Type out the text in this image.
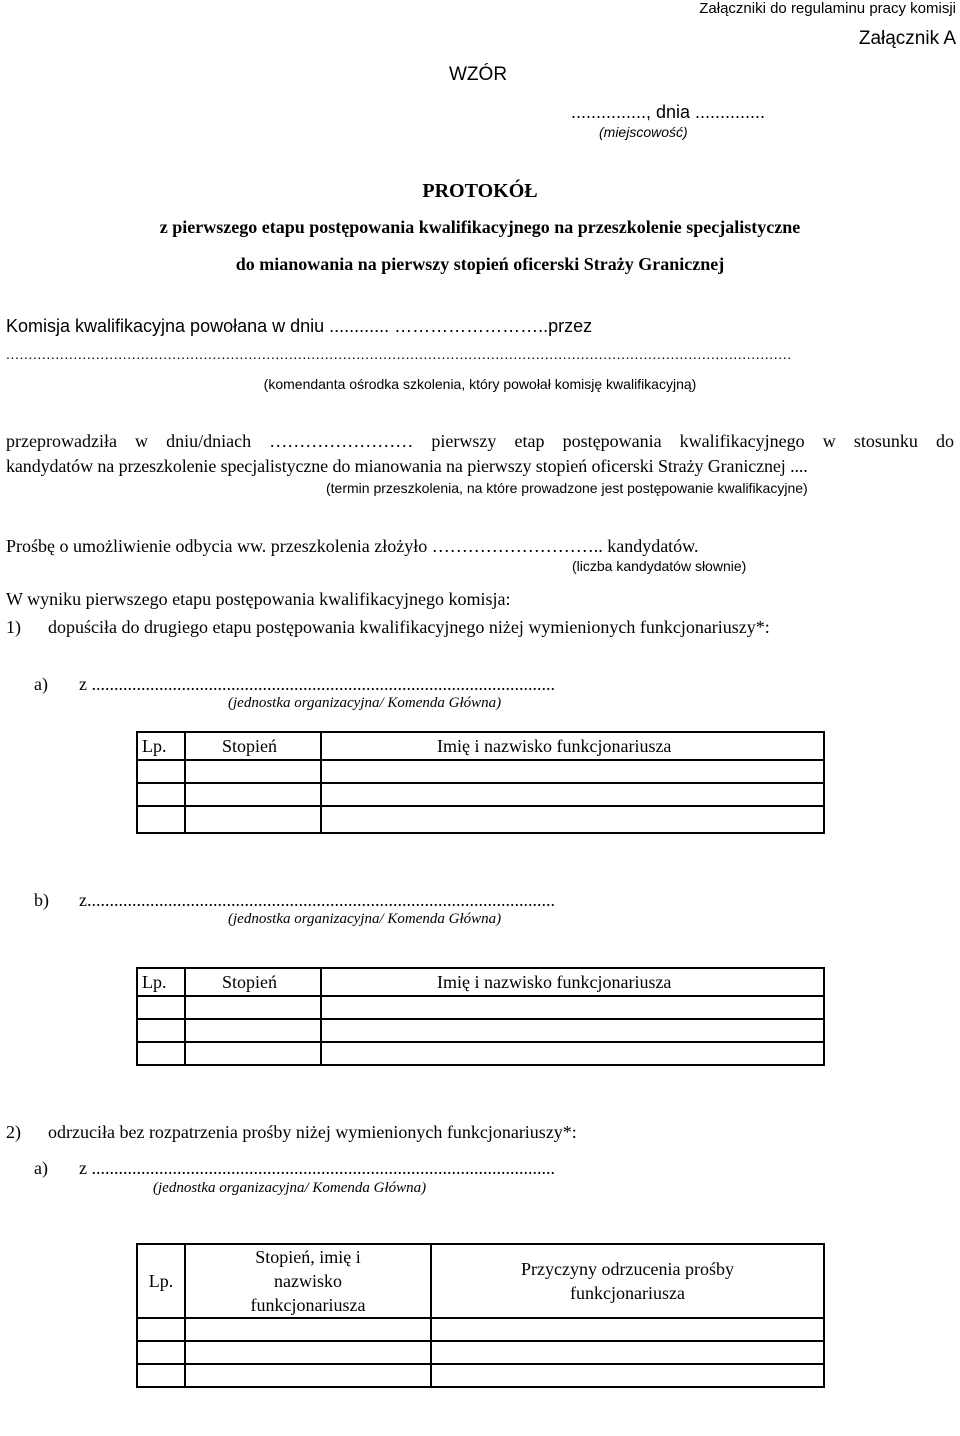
Załączniki do regulaminu pracy komisji
Załącznik A
WZÓR
..............., dnia ..............
(miejscowość)
PROTOKÓŁ
z pierwszego etapu postępowania kwalifikacyjnego na przeszkolenie specjalistyczne
do mianowania na pierwszy stopień oficerski Straży Granicznej
Komisja kwalifikacyjna powołana w dniu ............ ……………………..przez
...............................................................................................................................................................................
(komendanta ośrodka szkolenia, który powołał komisję kwalifikacyjną)
przeprowadziła w dniu/dniach …………………… pierwszy etap postępowania kwalifikacyjnego w stosunku do
kandydatów na przeszkolenie specjalistyczne do mianowania na pierwszy stopień oficerski Straży Granicznej ....
(termin przeszkolenia, na które prowadzone jest postępowanie kwalifikacyjne)
Prośbę o umożliwienie odbycia ww. przeszkolenia złożyło ……………………….. kandydatów.
(liczba kandydatów słownie)
W wyniku pierwszego etapu postępowania kwalifikacyjnego komisja:
1) dopuściła do drugiego etapu postępowania kwalifikacyjnego niżej wymienionych funkcjonariuszy*:
a) z .......................................................................................................
(jednostka organizacyjna/ Komenda Główna)
Lp.	Stopień	Imię i nazwisko funkcjonariusza

b) z........................................................................................................
(jednostka organizacyjna/ Komenda Główna)
Lp.	Stopień	Imię i nazwisko funkcjonariusza

2) odrzuciła bez rozpatrzenia prośby niżej wymienionych funkcjonariuszy*:
a) z .......................................................................................................
(jednostka organizacyjna/ Komenda Główna)
Lp.	Stopień, imię i nazwisko funkcjonariusza	Przyczyny odrzucenia prośby funkcjonariusza
